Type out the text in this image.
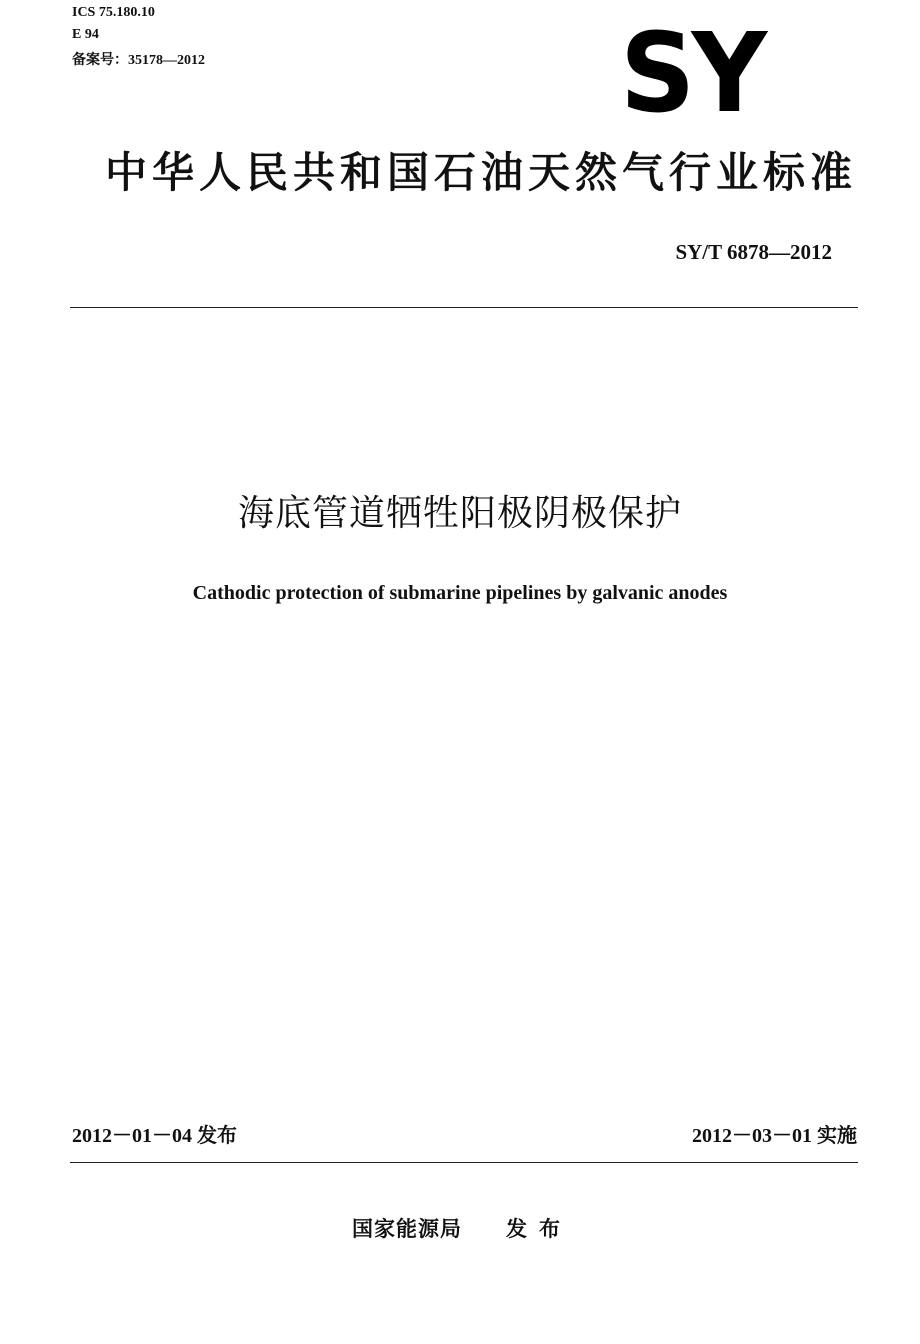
ICS 75.180.10
E 94
备案号：35178—2012	SY
中华人民共和国石油天然气行业标准
SY/T 6878—2012
海底管道牺牲阳极阴极保护
Cathodic protection of submarine pipelines by galvanic anodes
2012－01－04 发布	2012－03－01 实施
国家能源局 发布
